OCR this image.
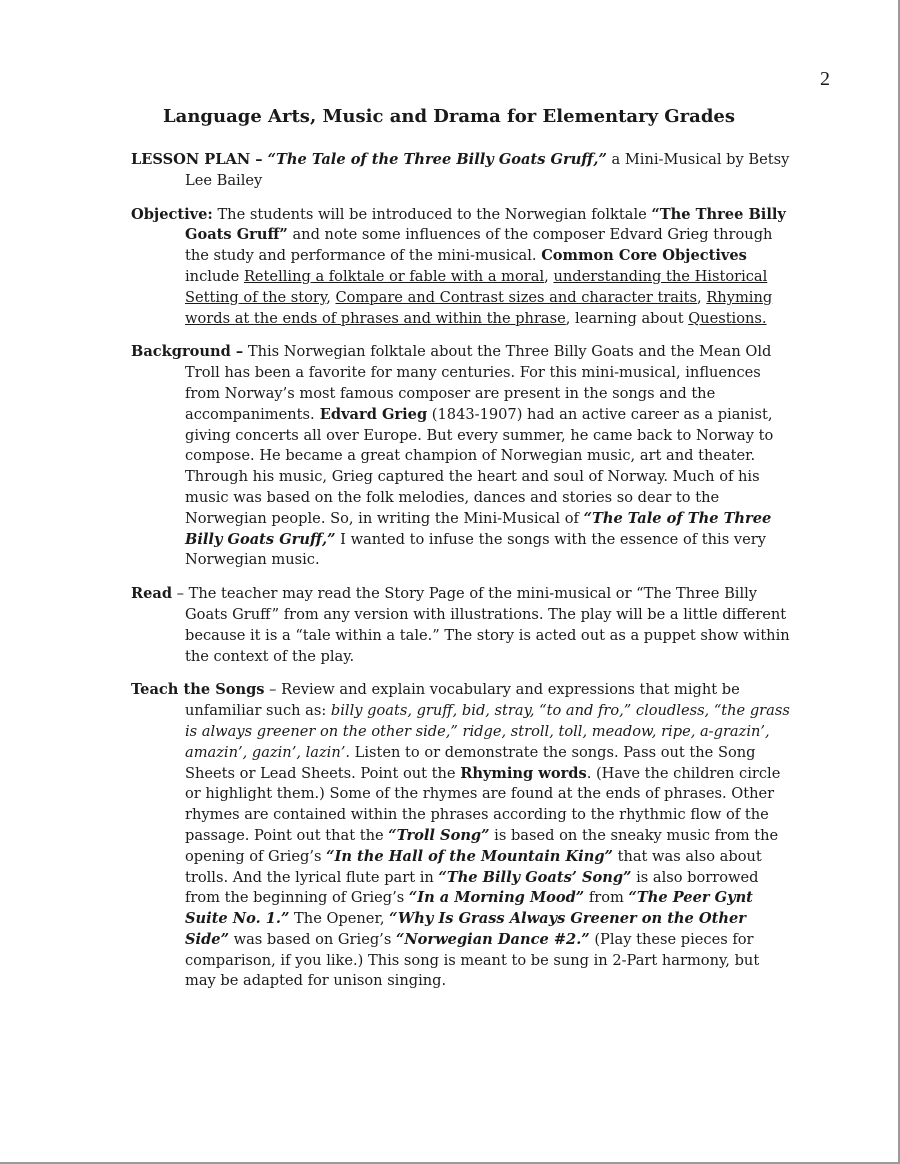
2
Language Arts, Music and Drama for Elementary Grades

LESSON PLAN – “The Tale of the Three Billy Goats Gruff,” a Mini-Musical by Betsy Lee Bailey

Objective: The students will be introduced to the Norwegian folktale “The Three Billy Goats Gruff” and note some influences of the composer Edvard Grieg through the study and performance of the mini-musical. Common Core Objectives include Retelling a folktale or fable with a moral, understanding the Historical Setting of the story, Compare and Contrast sizes and character traits, Rhyming words at the ends of phrases and within the phrase, learning about Questions.

Background – This Norwegian folktale about the Three Billy Goats and the Mean Old Troll has been a favorite for many centuries. For this mini-musical, influences from Norway’s most famous composer are present in the songs and the accompaniments. Edvard Grieg (1843-1907) had an active career as a pianist, giving concerts all over Europe. But every summer, he came back to Norway to compose. He became a great champion of Norwegian music, art and theater. Through his music, Grieg captured the heart and soul of Norway. Much of his music was based on the folk melodies, dances and stories so dear to the Norwegian people. So, in writing the Mini-Musical of “The Tale of The Three Billy Goats Gruff,” I wanted to infuse the songs with the essence of this very Norwegian music.

Read – The teacher may read the Story Page of the mini-musical or “The Three Billy Goats Gruff” from any version with illustrations. The play will be a little different because it is a “tale within a tale.” The story is acted out as a puppet show within the context of the play.

Teach the Songs – Review and explain vocabulary and expressions that might be unfamiliar such as: billy goats, gruff, bid, stray, “to and fro,” cloudless, “the grass is always greener on the other side,” ridge, stroll, toll, meadow, ripe, a-grazin’, amazin’, gazin’, lazin’. Listen to or demonstrate the songs. Pass out the Song Sheets or Lead Sheets. Point out the Rhyming words. (Have the children circle or highlight them.) Some of the rhymes are found at the ends of phrases. Other rhymes are contained within the phrases according to the rhythmic flow of the passage. Point out that the “Troll Song” is based on the sneaky music from the opening of Grieg’s “In the Hall of the Mountain King” that was also about trolls. And the lyrical flute part in “The Billy Goats’ Song” is also borrowed from the beginning of Grieg’s “In a Morning Mood” from “The Peer Gynt Suite No. 1.” The Opener, “Why Is Grass Always Greener on the Other Side” was based on Grieg’s “Norwegian Dance #2.” (Play these pieces for comparison, if you like.) This song is meant to be sung in 2-Part harmony, but may be adapted for unison singing.
